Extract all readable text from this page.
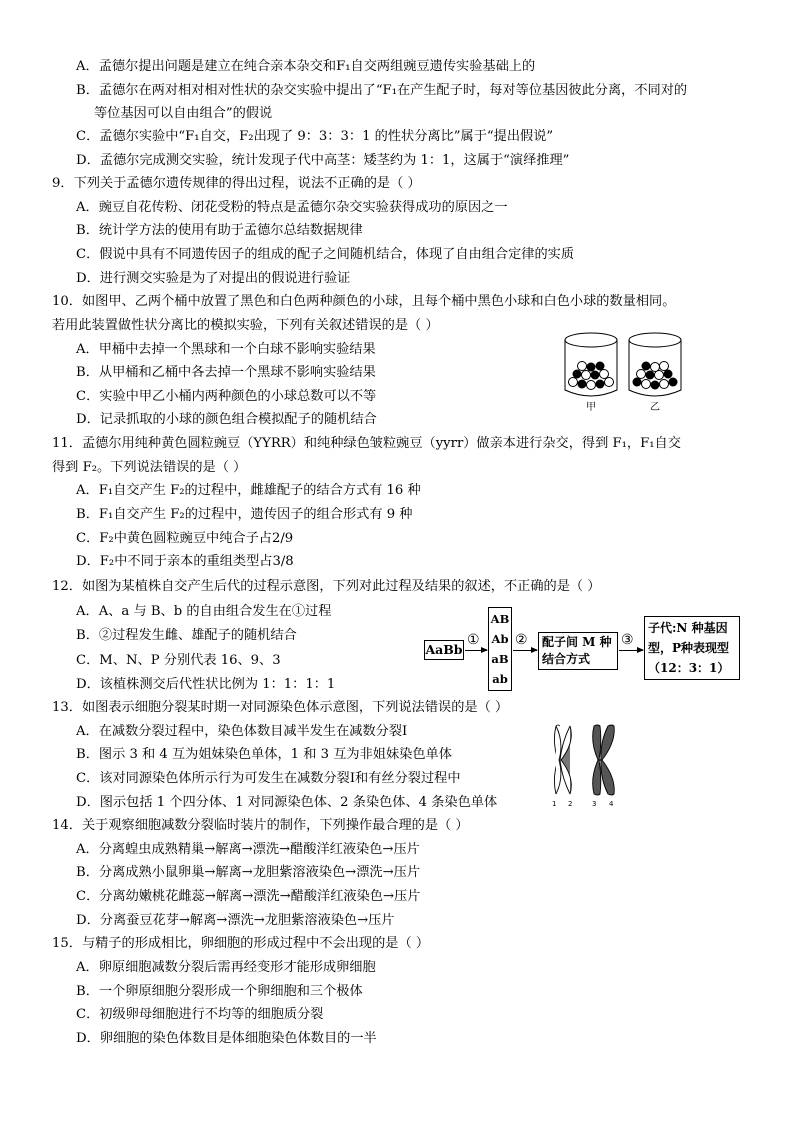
A．孟德尔提出问题是建立在纯合亲本杂交和F₁自交两组豌豆遗传实验基础上的
B．孟德尔在两对相对相对性状的杂交实验中提出了“F₁在产生配子时，每对等位基因彼此分离，不同对的
等位基因可以自由组合”的假说
C．孟德尔实验中“F₁自交，F₂出现了 9：3：3：1 的性状分离比”属于“提出假说”
D．孟德尔完成测交实验，统计发现子代中高茎：矮茎约为 1：1，这属于“演绎推理”
9．下列关于孟德尔遗传规律的得出过程，说法不正确的是（ ）
A．豌豆自花传粉、闭花受粉的特点是孟德尔杂交实验获得成功的原因之一
B．统计学方法的使用有助于孟德尔总结数据规律
C．假说中具有不同遗传因子的组成的配子之间随机结合，体现了自由组合定律的实质
D．进行测交实验是为了对提出的假说进行验证
10．如图甲、乙两个桶中放置了黑色和白色两种颜色的小球，且每个桶中黑色小球和白色小球的数量相同。
若用此装置做性状分离比的模拟实验，下列有关叙述错误的是（ ）
A．甲桶中去掉一个黑球和一个白球不影响实验结果
B．从甲桶和乙桶中各去掉一个黑球不影响实验结果
C．实验中甲乙小桶内两种颜色的小球总数可以不等
D．记录抓取的小球的颜色组合模拟配子的随机结合
甲	乙
11．孟德尔用纯种黄色圆粒豌豆（YYRR）和纯种绿色皱粒豌豆（yyrr）做亲本进行杂交，得到 F₁，F₁自交
得到 F₂。下列说法错误的是（ ）
A．F₁自交产生 F₂的过程中，雌雄配子的结合方式有 16 种
B．F₁自交产生 F₂的过程中，遗传因子的组合形式有 9 种
C．F₂中黄色圆粒豌豆中纯合子占2/9
D．F₂中不同于亲本的重组类型占3/8
12．如图为某植株自交产生后代的过程示意图，下列对此过程及结果的叙述，不正确的是（ ）
A．A、a 与 B、b 的自由组合发生在①过程
B．②过程发生雌、雄配子的随机结合
C．M、N、P 分别代表 16、9、3
D．该植株测交后代性状比例为 1：1：1：1
AaBb
①
AB
Ab
aB
ab
② 配子间 M 种
结合方式
③
子代:N 种基因
型，P种表现型
（12：3：1）
13．如图表示细胞分裂某时期一对同源染色体示意图，下列说法错误的是（ ）
A．在减数分裂过程中，染色体数目减半发生在减数分裂Ⅰ
B．图示 3 和 4 互为姐妹染色单体，1 和 3 互为非姐妹染色单体
C．该对同源染色体所示行为可发生在减数分裂Ⅰ和有丝分裂过程中
D．图示包括 1 个四分体、1 对同源染色体、2 条染色体、4 条染色单体	1 2	3 4
14．关于观察细胞减数分裂临时装片的制作，下列操作最合理的是（ ）
A．分离蝗虫成熟精巢→解离→漂洗→醋酸洋红液染色→压片
B．分离成熟小鼠卵巢→解离→龙胆紫溶液染色→漂洗→压片
C．分离幼嫩桃花雌蕊→解离→漂洗→醋酸洋红液染色→压片
D．分离蚕豆花芽→解离→漂洗→龙胆紫溶液染色→压片
15．与精子的形成相比，卵细胞的形成过程中不会出现的是（ ）
A．卵原细胞减数分裂后需再经变形才能形成卵细胞
B．一个卵原细胞分裂形成一个卵细胞和三个极体
C．初级卵母细胞进行不均等的细胞质分裂
D．卵细胞的染色体数目是体细胞染色体数目的一半
